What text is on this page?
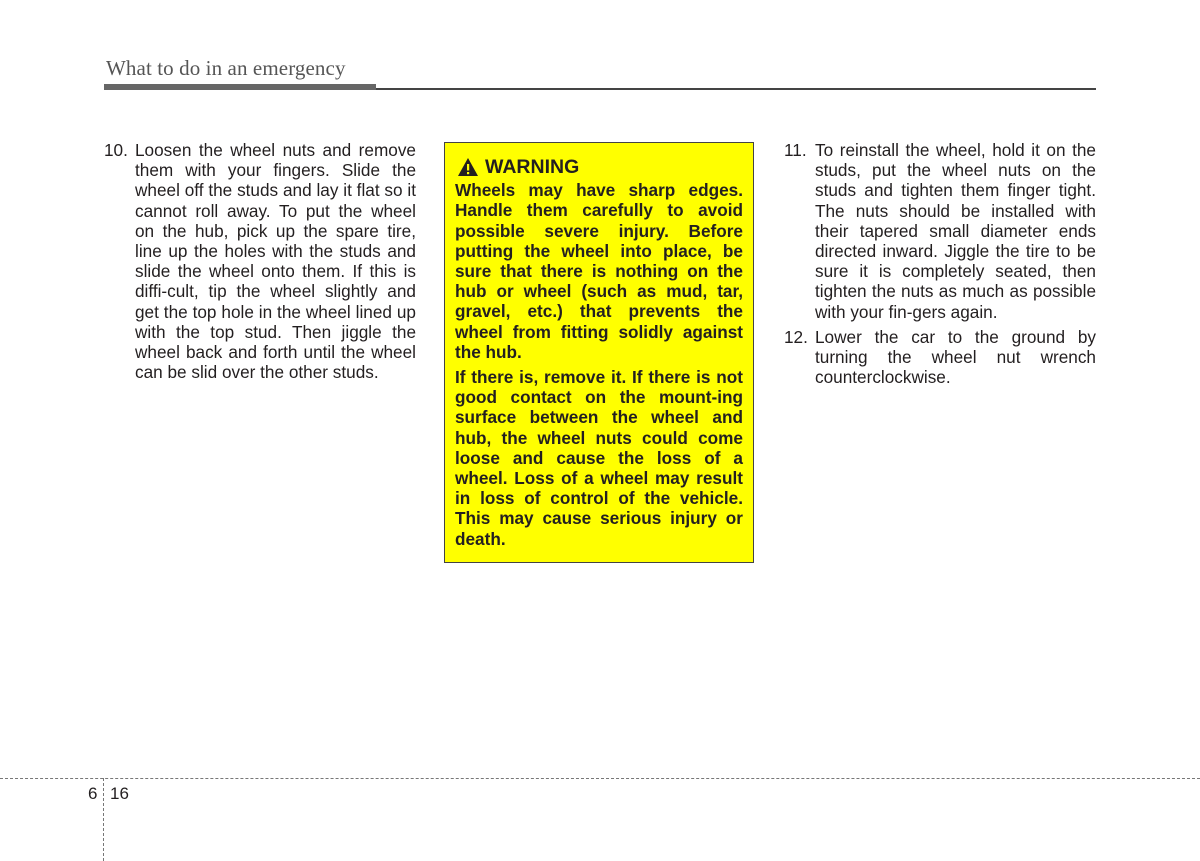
What to do in an emergency
10. Loosen the wheel nuts and remove them with your fingers. Slide the wheel off the studs and lay it flat so it cannot roll away. To put the wheel on the hub, pick up the spare tire, line up the holes with the studs and slide the wheel onto them. If this is diffi-cult, tip the wheel slightly and get the top hole in the wheel lined up with the top stud. Then jiggle the wheel back and forth until the wheel can be slid over the other studs.

WARNING

Wheels may have sharp edges. Handle them carefully to avoid possible severe injury. Before putting the wheel into place, be sure that there is nothing on the hub or wheel (such as mud, tar, gravel, etc.) that prevents the wheel from fitting solidly against the hub.

If there is, remove it. If there is not good contact on the mount-ing surface between the wheel and hub, the wheel nuts could come loose and cause the loss of a wheel. Loss of a wheel may result in loss of control of the vehicle. This may cause serious injury or death.

11. To reinstall the wheel, hold it on the studs, put the wheel nuts on the studs and tighten them finger tight. The nuts should be installed with their tapered small diameter ends directed inward. Jiggle the tire to be sure it is completely seated, then tighten the nuts as much as possible with your fin-gers again.

12. Lower the car to the ground by turning the wheel nut wrench counterclockwise.

6 16
